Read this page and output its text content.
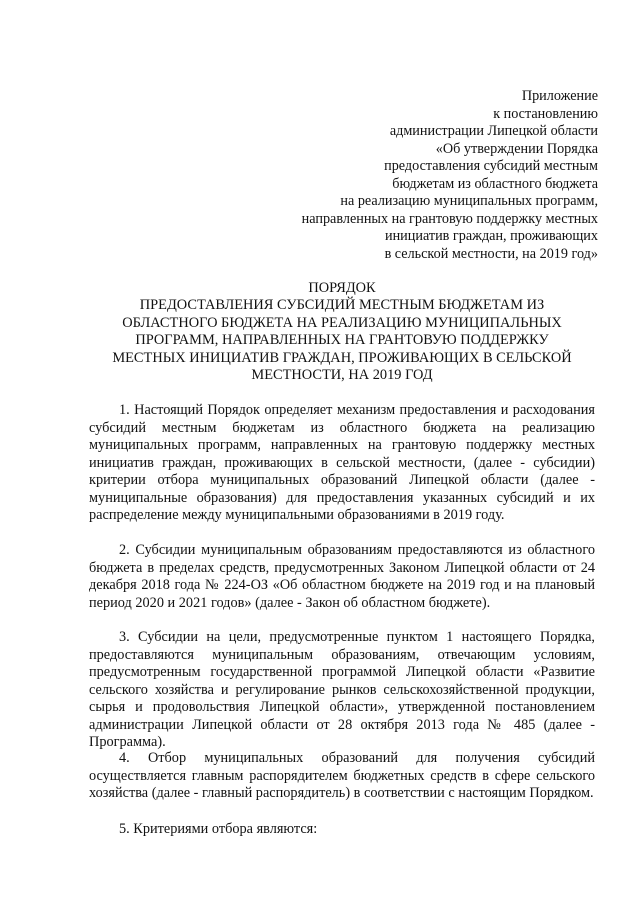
Приложение
к постановлению
администрации Липецкой области
«Об утверждении Порядка
предоставления субсидий местным
бюджетам из областного бюджета
на реализацию муниципальных программ,
направленных на грантовую поддержку местных
инициатив граждан, проживающих
в сельской местности, на 2019 год»
ПОРЯДОК
ПРЕДОСТАВЛЕНИЯ СУБСИДИЙ МЕСТНЫМ БЮДЖЕТАМ ИЗ
ОБЛАСТНОГО БЮДЖЕТА НА РЕАЛИЗАЦИЮ МУНИЦИПАЛЬНЫХ
ПРОГРАММ, НАПРАВЛЕННЫХ НА ГРАНТОВУЮ ПОДДЕРЖКУ
МЕСТНЫХ ИНИЦИАТИВ ГРАЖДАН, ПРОЖИВАЮЩИХ В СЕЛЬСКОЙ
МЕСТНОСТИ, НА 2019 ГОД

1. Настоящий Порядок определяет механизм предоставления и расходования субсидий местным бюджетам из областного бюджета на реализацию муниципальных программ, направленных на грантовую поддержку местных инициатив граждан, проживающих в сельской местности, (далее - субсидии) критерии отбора муниципальных образований Липецкой области (далее - муниципальные образования) для предоставления указанных субсидий и их распределение между муниципальными образованиями в 2019 году.

2. Субсидии муниципальным образованиям предоставляются из областного бюджета в пределах средств, предусмотренных Законом Липецкой области от 24 декабря 2018 года № 224-ОЗ «Об областном бюджете на 2019 год и на плановый период 2020 и 2021 годов» (далее - Закон об областном бюджете).

3. Субсидии на цели, предусмотренные пунктом 1 настоящего Порядка, предоставляются муниципальным образованиям, отвечающим условиям, предусмотренным государственной программой Липецкой области «Развитие сельского хозяйства и регулирование рынков сельскохозяйственной продукции, сырья и продовольствия Липецкой области», утвержденной постановлением администрации Липецкой области от 28 октября 2013 года № 485 (далее - Программа).

4. Отбор муниципальных образований для получения субсидий осуществляется главным распорядителем бюджетных средств в сфере сельского хозяйства (далее - главный распорядитель) в соответствии с настоящим Порядком.

5. Критериями отбора являются:
